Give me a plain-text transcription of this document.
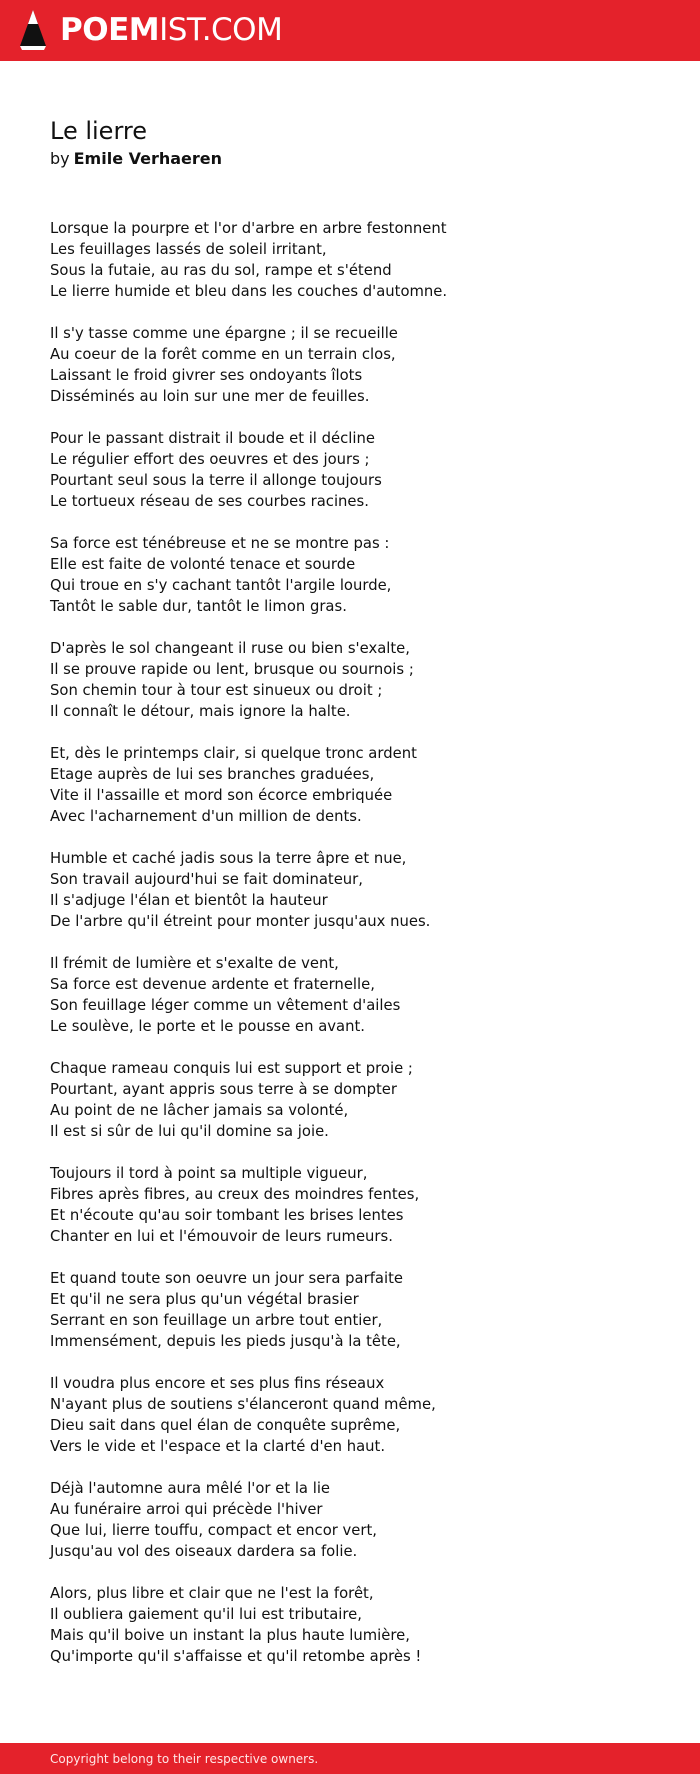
POEMIST.COM
Le lierre
by Emile Verhaeren
Lorsque la pourpre et l'or d'arbre en arbre festonnent
Les feuillages lassés de soleil irritant,
Sous la futaie, au ras du sol, rampe et s'étend
Le lierre humide et bleu dans les couches d'automne.
Il s'y tasse comme une épargne ; il se recueille
Au coeur de la forêt comme en un terrain clos,
Laissant le froid givrer ses ondoyants îlots
Disséminés au loin sur une mer de feuilles.
Pour le passant distrait il boude et il décline
Le régulier effort des oeuvres et des jours ;
Pourtant seul sous la terre il allonge toujours
Le tortueux réseau de ses courbes racines.
Sa force est ténébreuse et ne se montre pas :
Elle est faite de volonté tenace et sourde
Qui troue en s'y cachant tantôt l'argile lourde,
Tantôt le sable dur, tantôt le limon gras.
D'après le sol changeant il ruse ou bien s'exalte,
Il se prouve rapide ou lent, brusque ou sournois ;
Son chemin tour à tour est sinueux ou droit ;
Il connaît le détour, mais ignore la halte.
Et, dès le printemps clair, si quelque tronc ardent
Etage auprès de lui ses branches graduées,
Vite il l'assaille et mord son écorce embriquée
Avec l'acharnement d'un million de dents.
Humble et caché jadis sous la terre âpre et nue,
Son travail aujourd'hui se fait dominateur,
Il s'adjuge l'élan et bientôt la hauteur
De l'arbre qu'il étreint pour monter jusqu'aux nues.
Il frémit de lumière et s'exalte de vent,
Sa force est devenue ardente et fraternelle,
Son feuillage léger comme un vêtement d'ailes
Le soulève, le porte et le pousse en avant.
Chaque rameau conquis lui est support et proie ;
Pourtant, ayant appris sous terre à se dompter
Au point de ne lâcher jamais sa volonté,
Il est si sûr de lui qu'il domine sa joie.
Toujours il tord à point sa multiple vigueur,
Fibres après fibres, au creux des moindres fentes,
Et n'écoute qu'au soir tombant les brises lentes
Chanter en lui et l'émouvoir de leurs rumeurs.
Et quand toute son oeuvre un jour sera parfaite
Et qu'il ne sera plus qu'un végétal brasier
Serrant en son feuillage un arbre tout entier,
Immensément, depuis les pieds jusqu'à la tête,
Il voudra plus encore et ses plus fins réseaux
N'ayant plus de soutiens s'élanceront quand même,
Dieu sait dans quel élan de conquête suprême,
Vers le vide et l'espace et la clarté d'en haut.
Déjà l'automne aura mêlé l'or et la lie
Au funéraire arroi qui précède l'hiver
Que lui, lierre touffu, compact et encor vert,
Jusqu'au vol des oiseaux dardera sa folie.
Alors, plus libre et clair que ne l'est la forêt,
Il oubliera gaiement qu'il lui est tributaire,
Mais qu'il boive un instant la plus haute lumière,
Qu'importe qu'il s'affaisse et qu'il retombe après !
Copyright belong to their respective owners.
